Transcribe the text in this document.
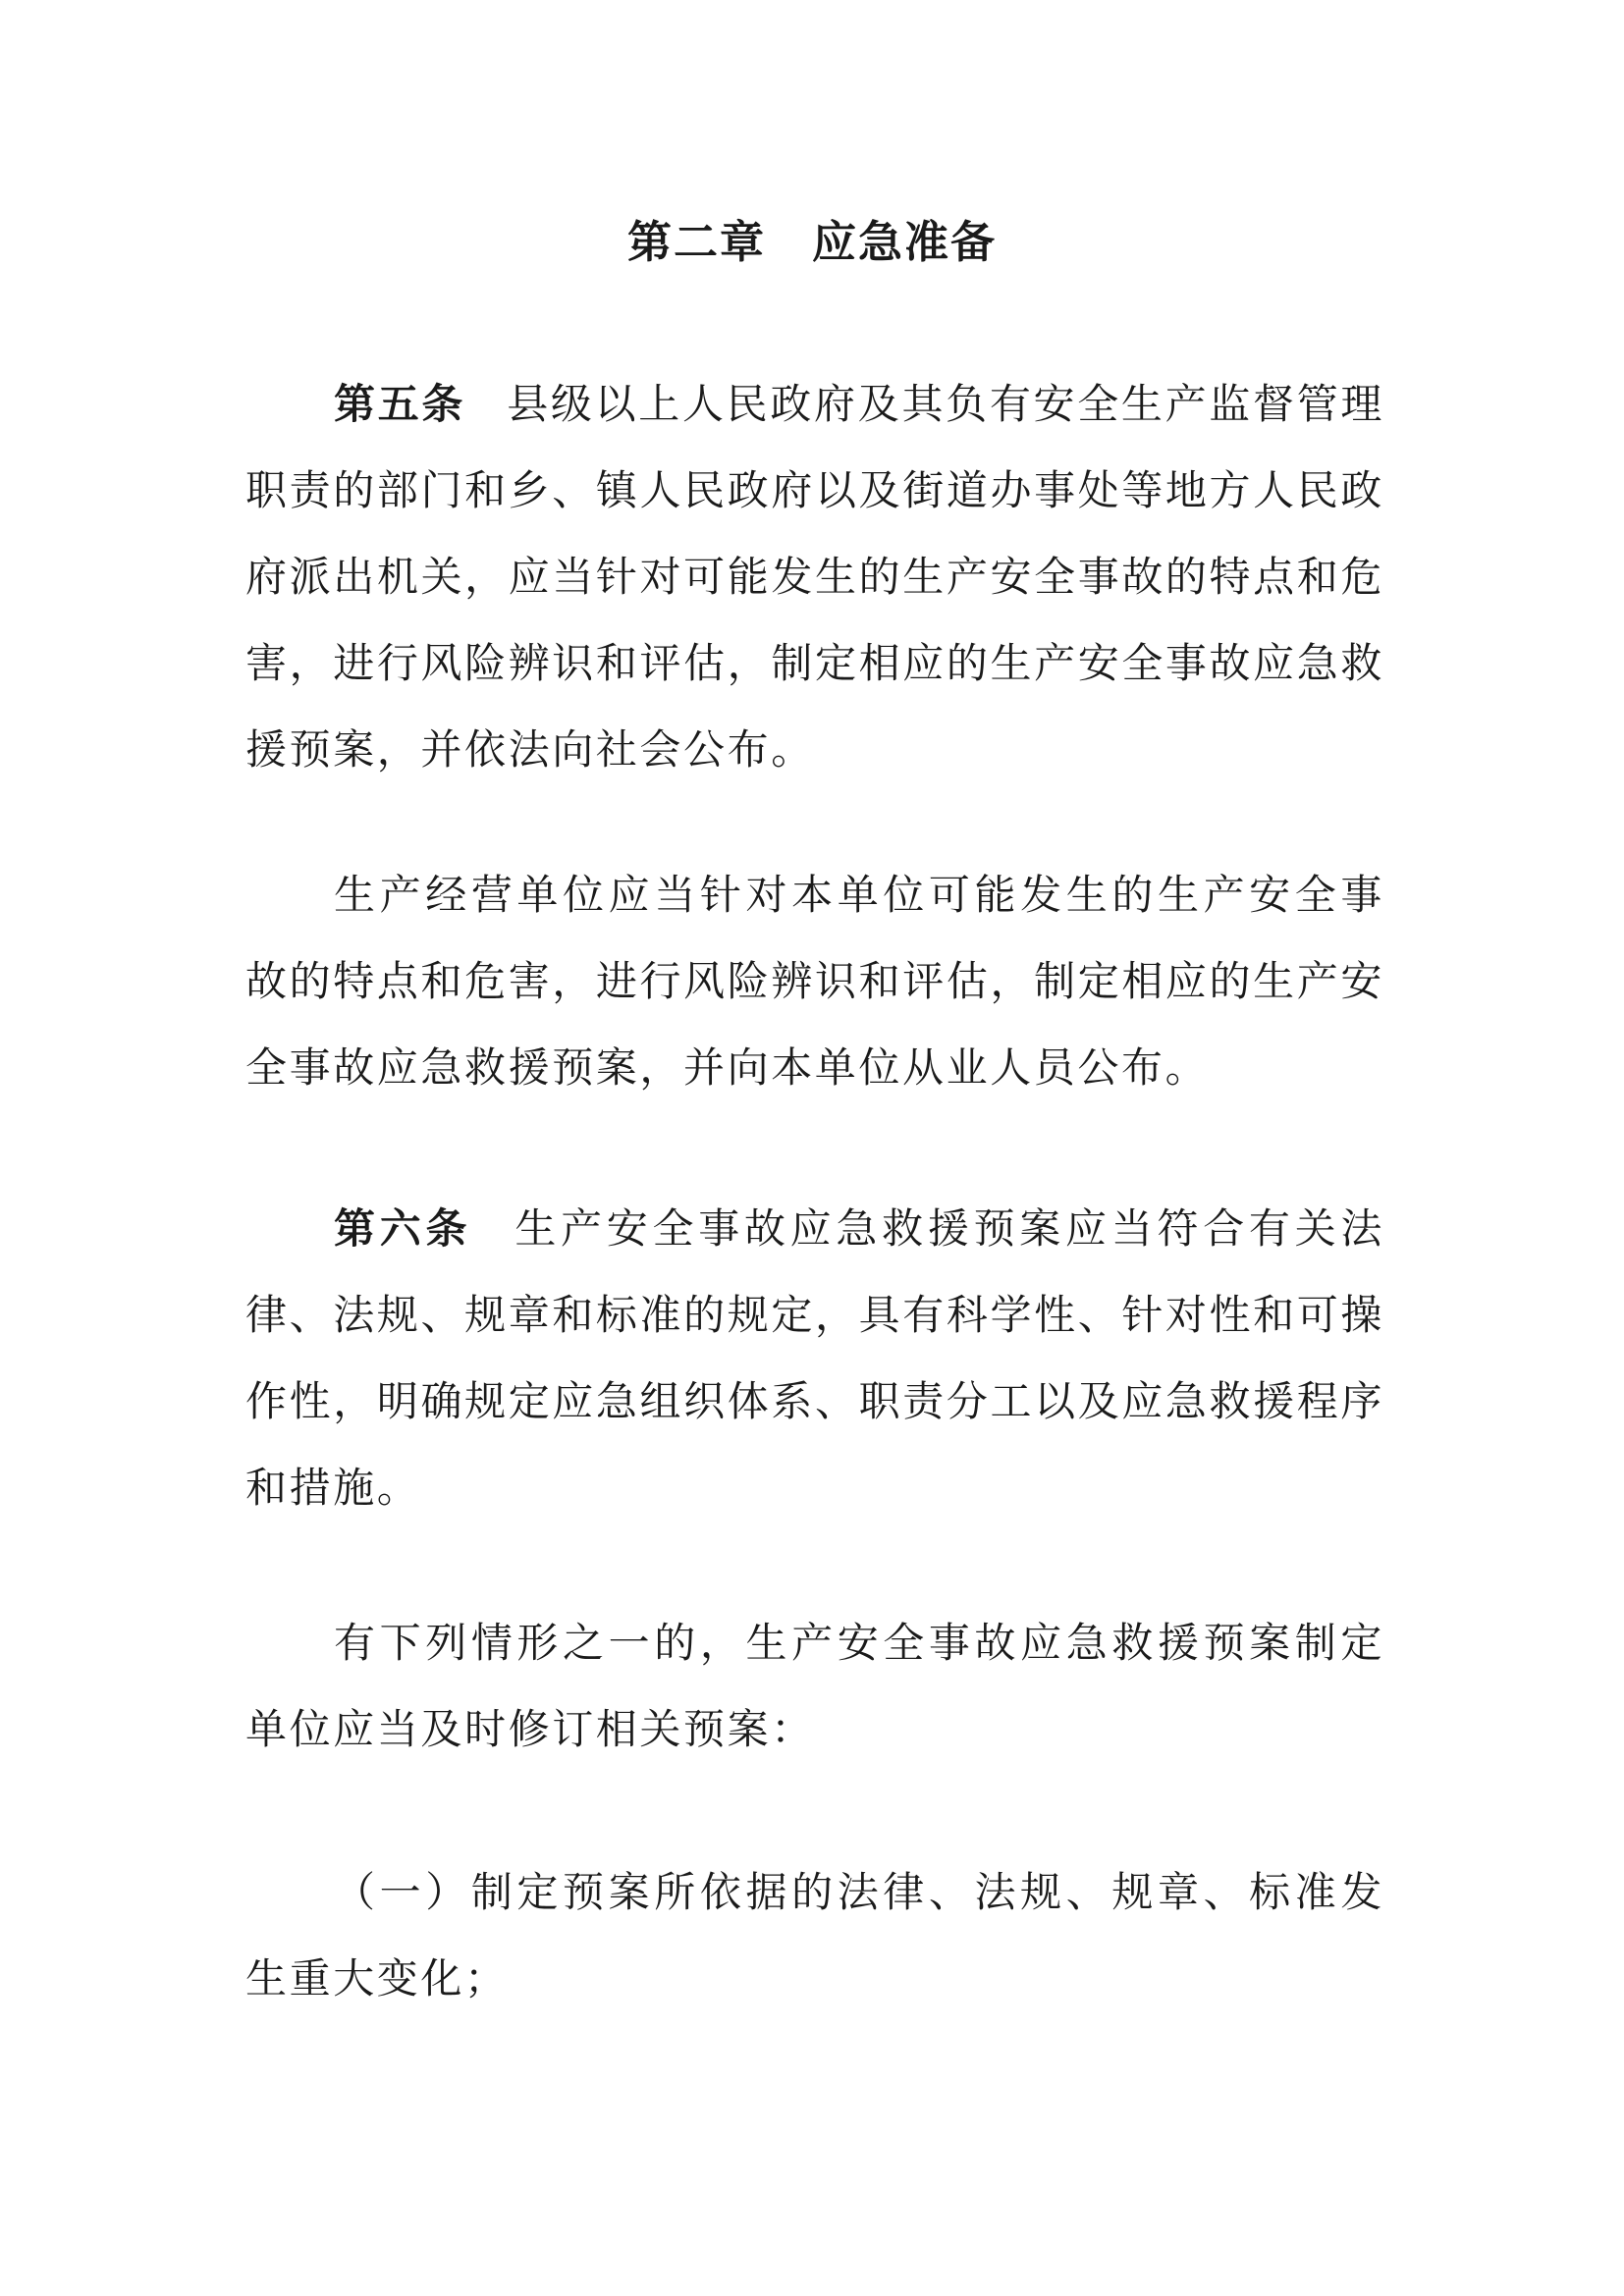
第二章　应急准备

第五条 县级以上人民政府及其负有安全生产监督管理职责的部门和乡、镇人民政府以及街道办事处等地方人民政府派出机关，应当针对可能发生的生产安全事故的特点和危害，进行风险辨识和评估，制定相应的生产安全事故应急救援预案，并依法向社会公布。

生产经营单位应当针对本单位可能发生的生产安全事故的特点和危害，进行风险辨识和评估，制定相应的生产安全事故应急救援预案，并向本单位从业人员公布。

第六条 生产安全事故应急救援预案应当符合有关法律、法规、规章和标准的规定，具有科学性、针对性和可操作性，明确规定应急组织体系、职责分工以及应急救援程序和措施。

有下列情形之一的，生产安全事故应急救援预案制定单位应当及时修订相关预案：

（一）制定预案所依据的法律、法规、规章、标准发生重大变化；
